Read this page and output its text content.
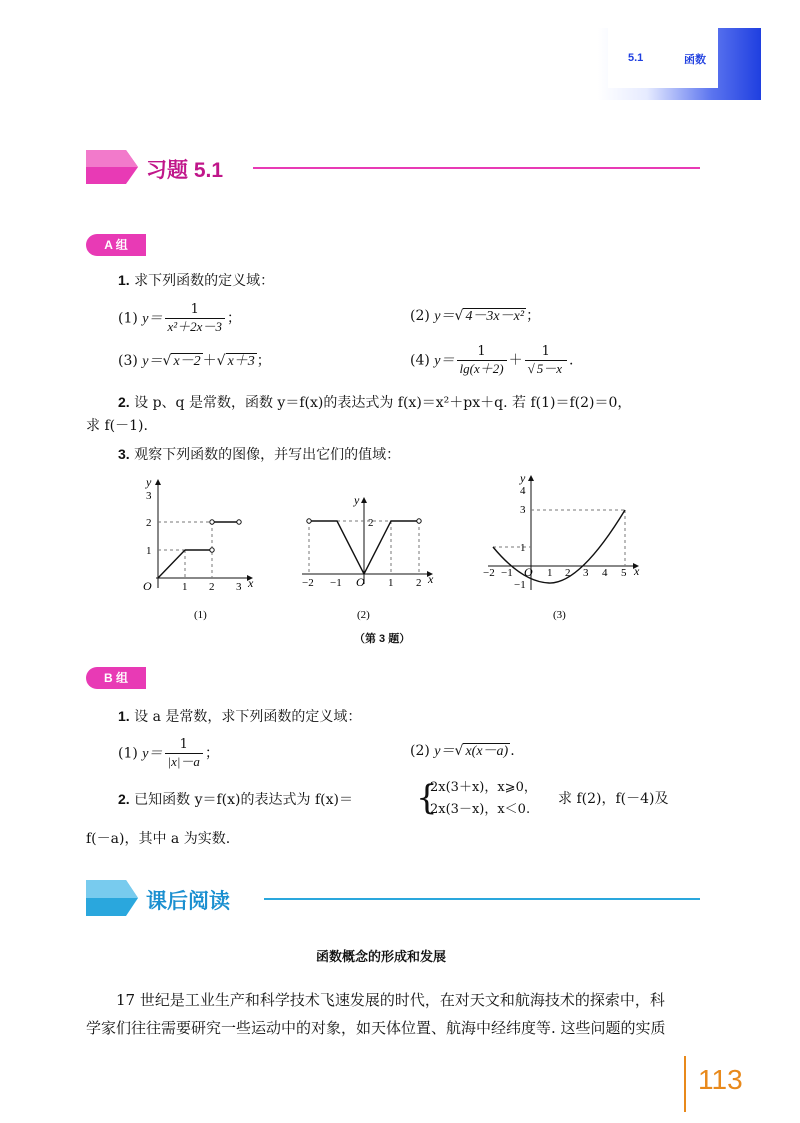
5.1	函数
习题 5.1
A 组
1. 求下列函数的定义域：
(1) $y= \frac{1}{\text{x²＋2x－3}}$ ；	(2) y＝√ 4－3x－x² ；
(3) y＝√ x－2 ＋√ x＋3 ；	(4) $y= \frac{1}{\lg(x+2)} + \frac{1}{√ 5-x}$ .
2. 设 p、q 是常数，函数 y＝f(x)的表达式为 f(x)＝x²＋px＋q. 若 f(1)＝f(2)＝0，
求 f(－1).
3. 观察下列函数的图像，并写出它们的值域：
O	x
y
1 2 3
1
2
3
(1)
O	x
y
−2 −1	1 2
2
(2)
O	x
y
−2 −1	1 2 3 4 5
4
3
1
−1
(3)
（第 3 题）
B 组
1. 设 a 是常数，求下列函数的定义域：
(1) $y= \frac{1}{|x|-a}$ ；	(2) y＝√ x(x－a) .
2. 已知函数 y＝f(x)的表达式为 f(x)＝ {
2x(3＋x)，x⩾0，
2x(3－x)，x＜0.
求 f(2)，f(－4)及
f(－a)，其中 a 为实数.
课后阅读
函数概念的形成和发展
17 世纪是工业生产和科学技术飞速发展的时代，在对天文和航海技术的探索中，科
学家们往往需要研究一些运动中的对象，如天体位置、航海中经纬度等. 这些问题的实质
113
